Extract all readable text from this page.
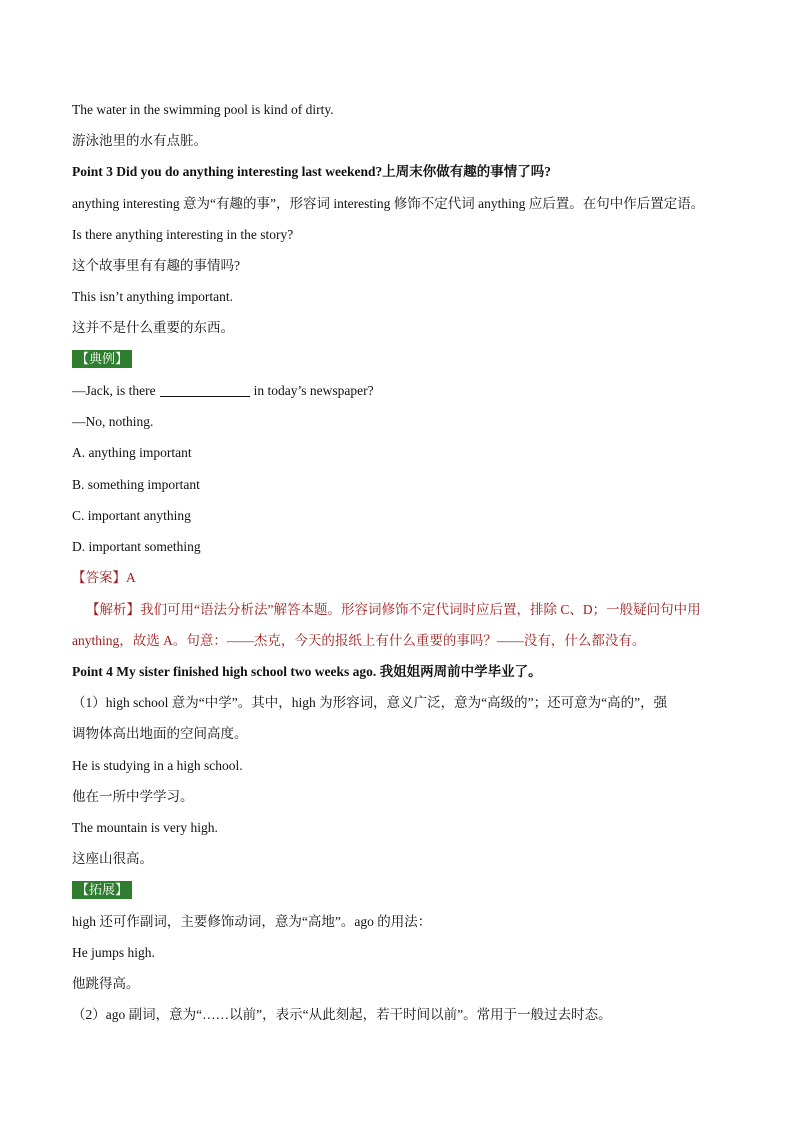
The water in the swimming pool is kind of dirty.
游泳池里的水有点脏。
Point 3 Did you do anything interesting last weekend?上周末你做有趣的事情了吗?
anything interesting 意为“有趣的事”，形容词 interesting 修饰不定代词 anything 应后置。在句中作后置定语。
Is there anything interesting in the story?
这个故事里有有趣的事情吗?
This isn’t anything important.
这并不是什么重要的东西。
【典例】
—Jack, is there	in today’s newspaper?
—No, nothing.
A. anything important
B. something important
C. important anything
D. important something
【答案】A
【解析】我们可用“语法分析法”解答本题。形容词修饰不定代词时应后置，排除 C、D；一般疑问句中用
anything，故选 A。句意：——杰克，今天的报纸上有什么重要的事吗？——没有，什么都没有。
Point 4 My sister finished high school two weeks ago. 我姐姐两周前中学毕业了。
（1）high school 意为“中学”。其中，high 为形容词，意义广泛，意为“高级的”；还可意为“高的”，强
调物体高出地面的空间高度。
He is studying in a high school.
他在一所中学学习。
The mountain is very high.
这座山很高。
【拓展】
high 还可作副词，主要修饰动词，意为“高地”。ago 的用法：
He jumps high.
他跳得高。
（2）ago 副词，意为“……以前”，表示“从此刻起，若干时间以前”。常用于一般过去时态。
